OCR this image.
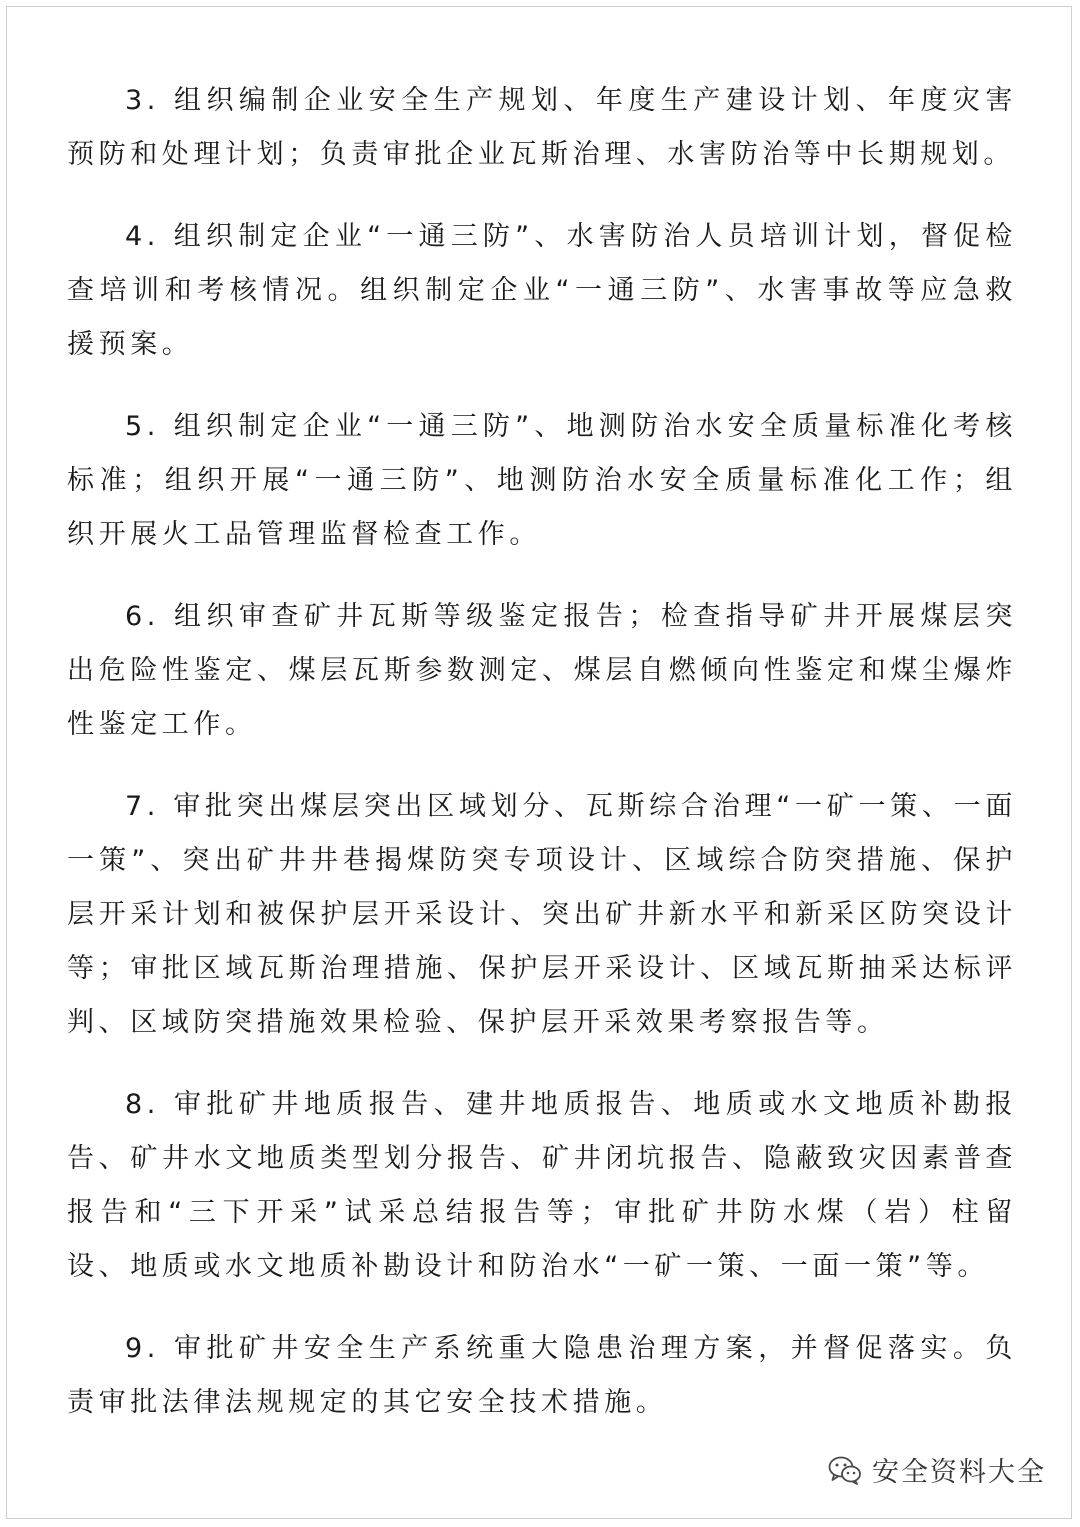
3. 组织编制企业安全生产规划、年度生产建设计划、年度灾害预防和处理计划；负责审批企业瓦斯治理、水害防治等中长期规划。

4. 组织制定企业“一通三防”、水害防治人员培训计划，督促检查培训和考核情况。组织制定企业“一通三防”、水害事故等应急救援预案。

5. 组织制定企业“一通三防”、地测防治水安全质量标准化考核标准；组织开展“一通三防”、地测防治水安全质量标准化工作；组织开展火工品管理监督检查工作。

6. 组织审查矿井瓦斯等级鉴定报告；检查指导矿井开展煤层突出危险性鉴定、煤层瓦斯参数测定、煤层自燃倾向性鉴定和煤尘爆炸性鉴定工作。

7. 审批突出煤层突出区域划分、瓦斯综合治理“一矿一策、一面一策”、突出矿井井巷揭煤防突专项设计、区域综合防突措施、保护层开采计划和被保护层开采设计、突出矿井新水平和新采区防突设计等；审批区域瓦斯治理措施、保护层开采设计、区域瓦斯抽采达标评判、区域防突措施效果检验、保护层开采效果考察报告等。

8. 审批矿井地质报告、建井地质报告、地质或水文地质补勘报告、矿井水文地质类型划分报告、矿井闭坑报告、隐蔽致灾因素普查报告和“三下开采”试采总结报告等；审批矿井防水煤（岩）柱留设、地质或水文地质补勘设计和防治水“一矿一策、一面一策”等。

9. 审批矿井安全生产系统重大隐患治理方案，并督促落实。负责审批法律法规规定的其它安全技术措施。

安全资料大全
